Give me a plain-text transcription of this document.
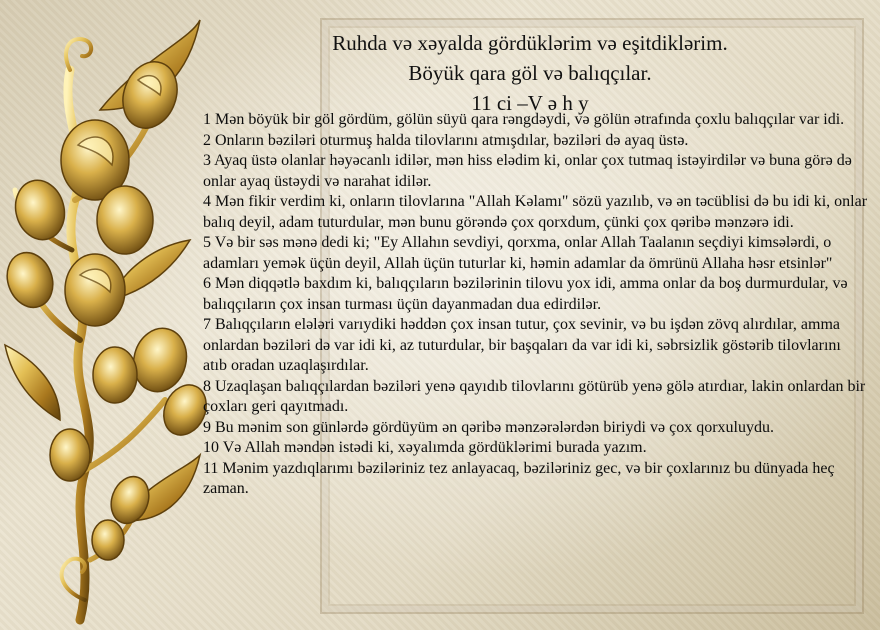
Ruhda və xəyalda gördüklərim və eşitdiklərim.
Böyük qara göl və balıqçılar.
11 ci –V ə h y
1 Mən böyük bir göl gördüm, gölün süyü qara rəngdəydi, və gölün ətrafında çoxlu balıqçılar var idi.
2 Onların bəziləri oturmuş halda tilovlarını atmışdılar, bəziləri də ayaq üstə.
3 Ayaq üstə olanlar həyəcanlı idilər, mən hiss elədim ki, onlar çox tutmaq istəyirdilər və buna görə də onlar ayaq üstəydi və narahat idilər.
4 Mən fikir verdim ki, onların tilovlarına "Allah Kəlamı" sözü yazılıb, və ən təcüblisi də bu idi ki, onlar balıq deyil, adam tuturdular, mən bunu görəndə çox qorxdum, çünki çox qəribə mənzərə idi.
5 Və bir səs mənə dedi ki; "Ey Allahın sevdiyi, qorxma, onlar Allah Taalanın seçdiyi kimsələrdi, o adamları yemək üçün deyil, Allah üçün tuturlar ki, həmin adamlar da ömrünü Allaha həsr etsinlər"
6 Mən diqqətlə baxdım ki, balıqçıların bəzilərinin tilovu yox idi, amma onlar da boş durmurdular, və balıqçıların çox insan turması üçün dayanmadan dua edirdilər.
7 Balıqçıların eləlәri varıydiki həddən çox insan tutur, çox sevinir, və bu işdən zövq alırdılar, amma onlardan bəziləri də var idi ki, az tuturdular, bir başqaları da var idi ki, səbrsizlik göstərib tilovlarını atıb oradan uzaqlaşırdılar.
8 Uzaqlaşan balıqçılardan bəziləri yenə qayıdıb tilovlarını götürüb yenə gölə atırdıar, lakin onlardan bir çoxları geri qayıtmadı.
9 Bu mənim son günlərdə gördüyüm ən qəribə mənzərələrdən biriydi və çox qorxuluydu.
10 Və Allah məndən istədi ki, xəyalımda gördüklərimi burada yazım.
11 Mənim yazdıqlarımı bəziləriniz tez anlayacaq, bəziləriniz gec, və bir çoxlarınız bu dünyada heç zaman.
